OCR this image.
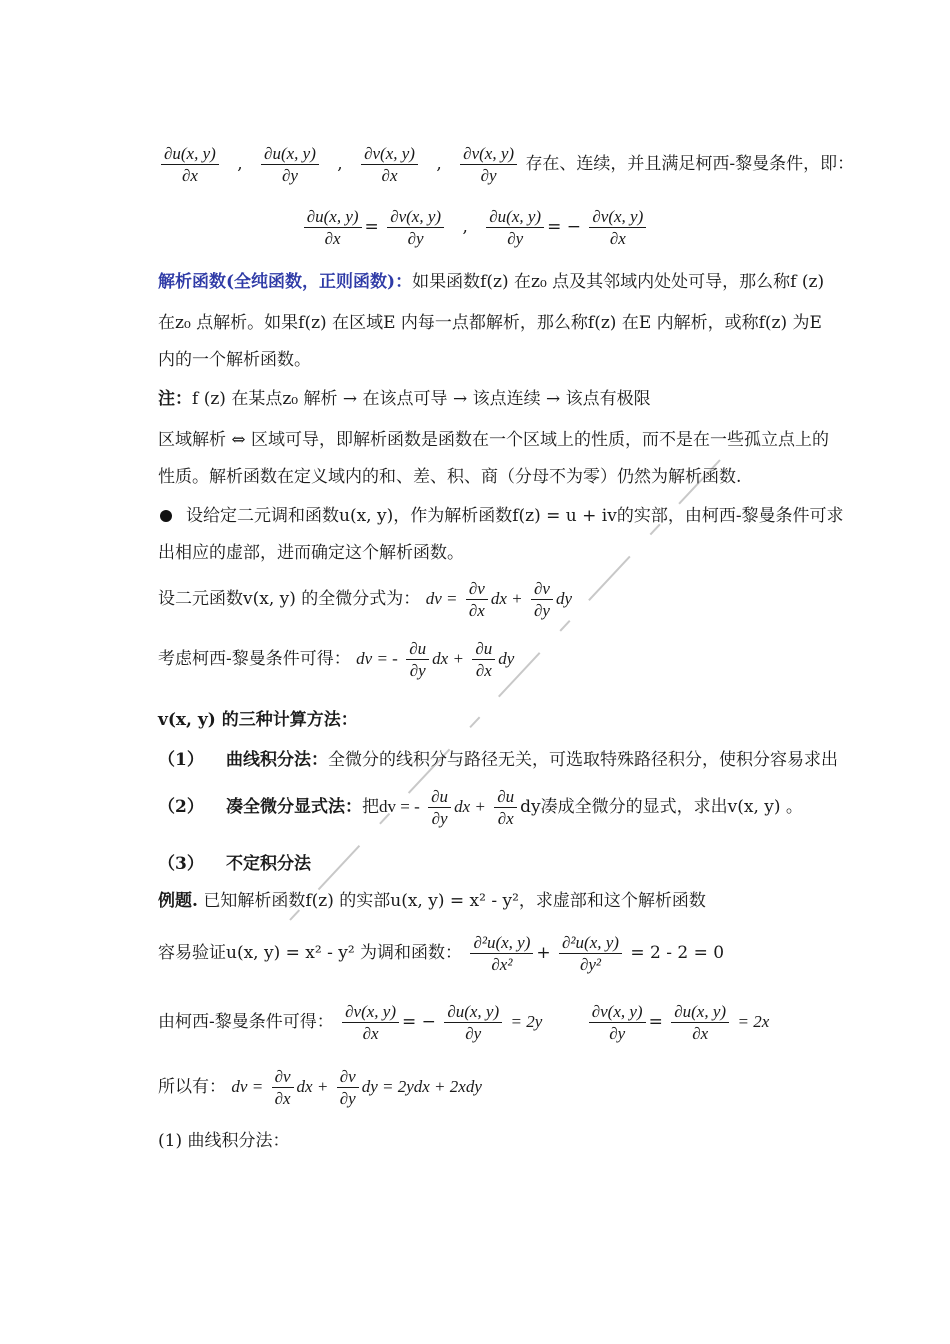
$\frac{\partial u(x, y)}{\partial x}$ , $\frac{\partial u(x, y)}{\partial y}$ , $\frac{\partial v(x, y)}{\partial x}$ , $\frac{\partial v(x, y)}{\partial y}$ 存在、连续，并且满足柯西-黎曼条件，即：
$\frac{\partial u(x, y)}{\partial x} = \frac{\partial v(x, y)}{\partial y}$ , $\frac{\partial u(x, y)}{\partial y}$ = − $\frac{\partial v(x, y)}{\partial x}$
解析函数(全纯函数，正则函数)：如果函数f(z) 在z₀ 点及其邻域内处处可导，那么称f (z)
在z₀ 点解析。如果f(z) 在区域E 内每一点都解析，那么称f(z) 在E 内解析，或称f(z) 为E
内的一个解析函数。
注：f (z) 在某点z₀ 解析 → 在该点可导 → 该点连续 → 该点有极限
区域解析 ⇔ 区域可导，即解析函数是函数在一个区域上的性质，而不是在一些孤立点上的
性质。解析函数在定义域内的和、差、积、商（分母不为零）仍然为解析函数.
设给定二元调和函数u(x, y)，作为解析函数f(z) = u + iv的实部，由柯西-黎曼条件可求
出相应的虚部，进而确定这个解析函数。
设二元函数v(x, y) 的全微分式为： dv = $\frac{\partial v}{\partial x}$ dx + $\frac{\partial v}{\partial y}$ dy
考虑柯西-黎曼条件可得： dv = - $\frac{\partial u}{\partial y}$ dx + $\frac{\partial u}{\partial x}$ dy
v(x, y) 的三种计算方法：
（1） 曲线积分法：全微分的线积分与路径无关，可选取特殊路径积分，使积分容易求出
（2） 凑全微分显式法：把dv = - $\frac{\partial u}{\partial y}$ dx + $\frac{\partial u}{\partial x}$ dy凑成全微分的显式，求出v(x, y) 。
（3） 不定积分法
例题. 已知解析函数f(z) 的实部u(x, y) = x² - y²，求虚部和这个解析函数
容易验证u(x, y) = x² - y² 为调和函数： $\frac{\text{∂²u(x, y)}}{\text{∂x²}} + \frac{\text{∂²u(x, y)}}{\text{∂y²}} = 2 - 2 = 0$
由柯西-黎曼条件可得： $\frac{\partial v(x, y)}{\partial x}$ = − $\frac{\partial u(x, y)}{\partial y} = 2y$	$\frac{\partial v(x, y)}{\partial y} = \frac{\partial u(x, y)}{\partial x} = 2x$
所以有： dv = $\frac{\partial v}{\partial x}$ dx + $\frac{\partial v}{\partial y}$ dy = 2ydx + 2xdy
(1) 曲线积分法：
